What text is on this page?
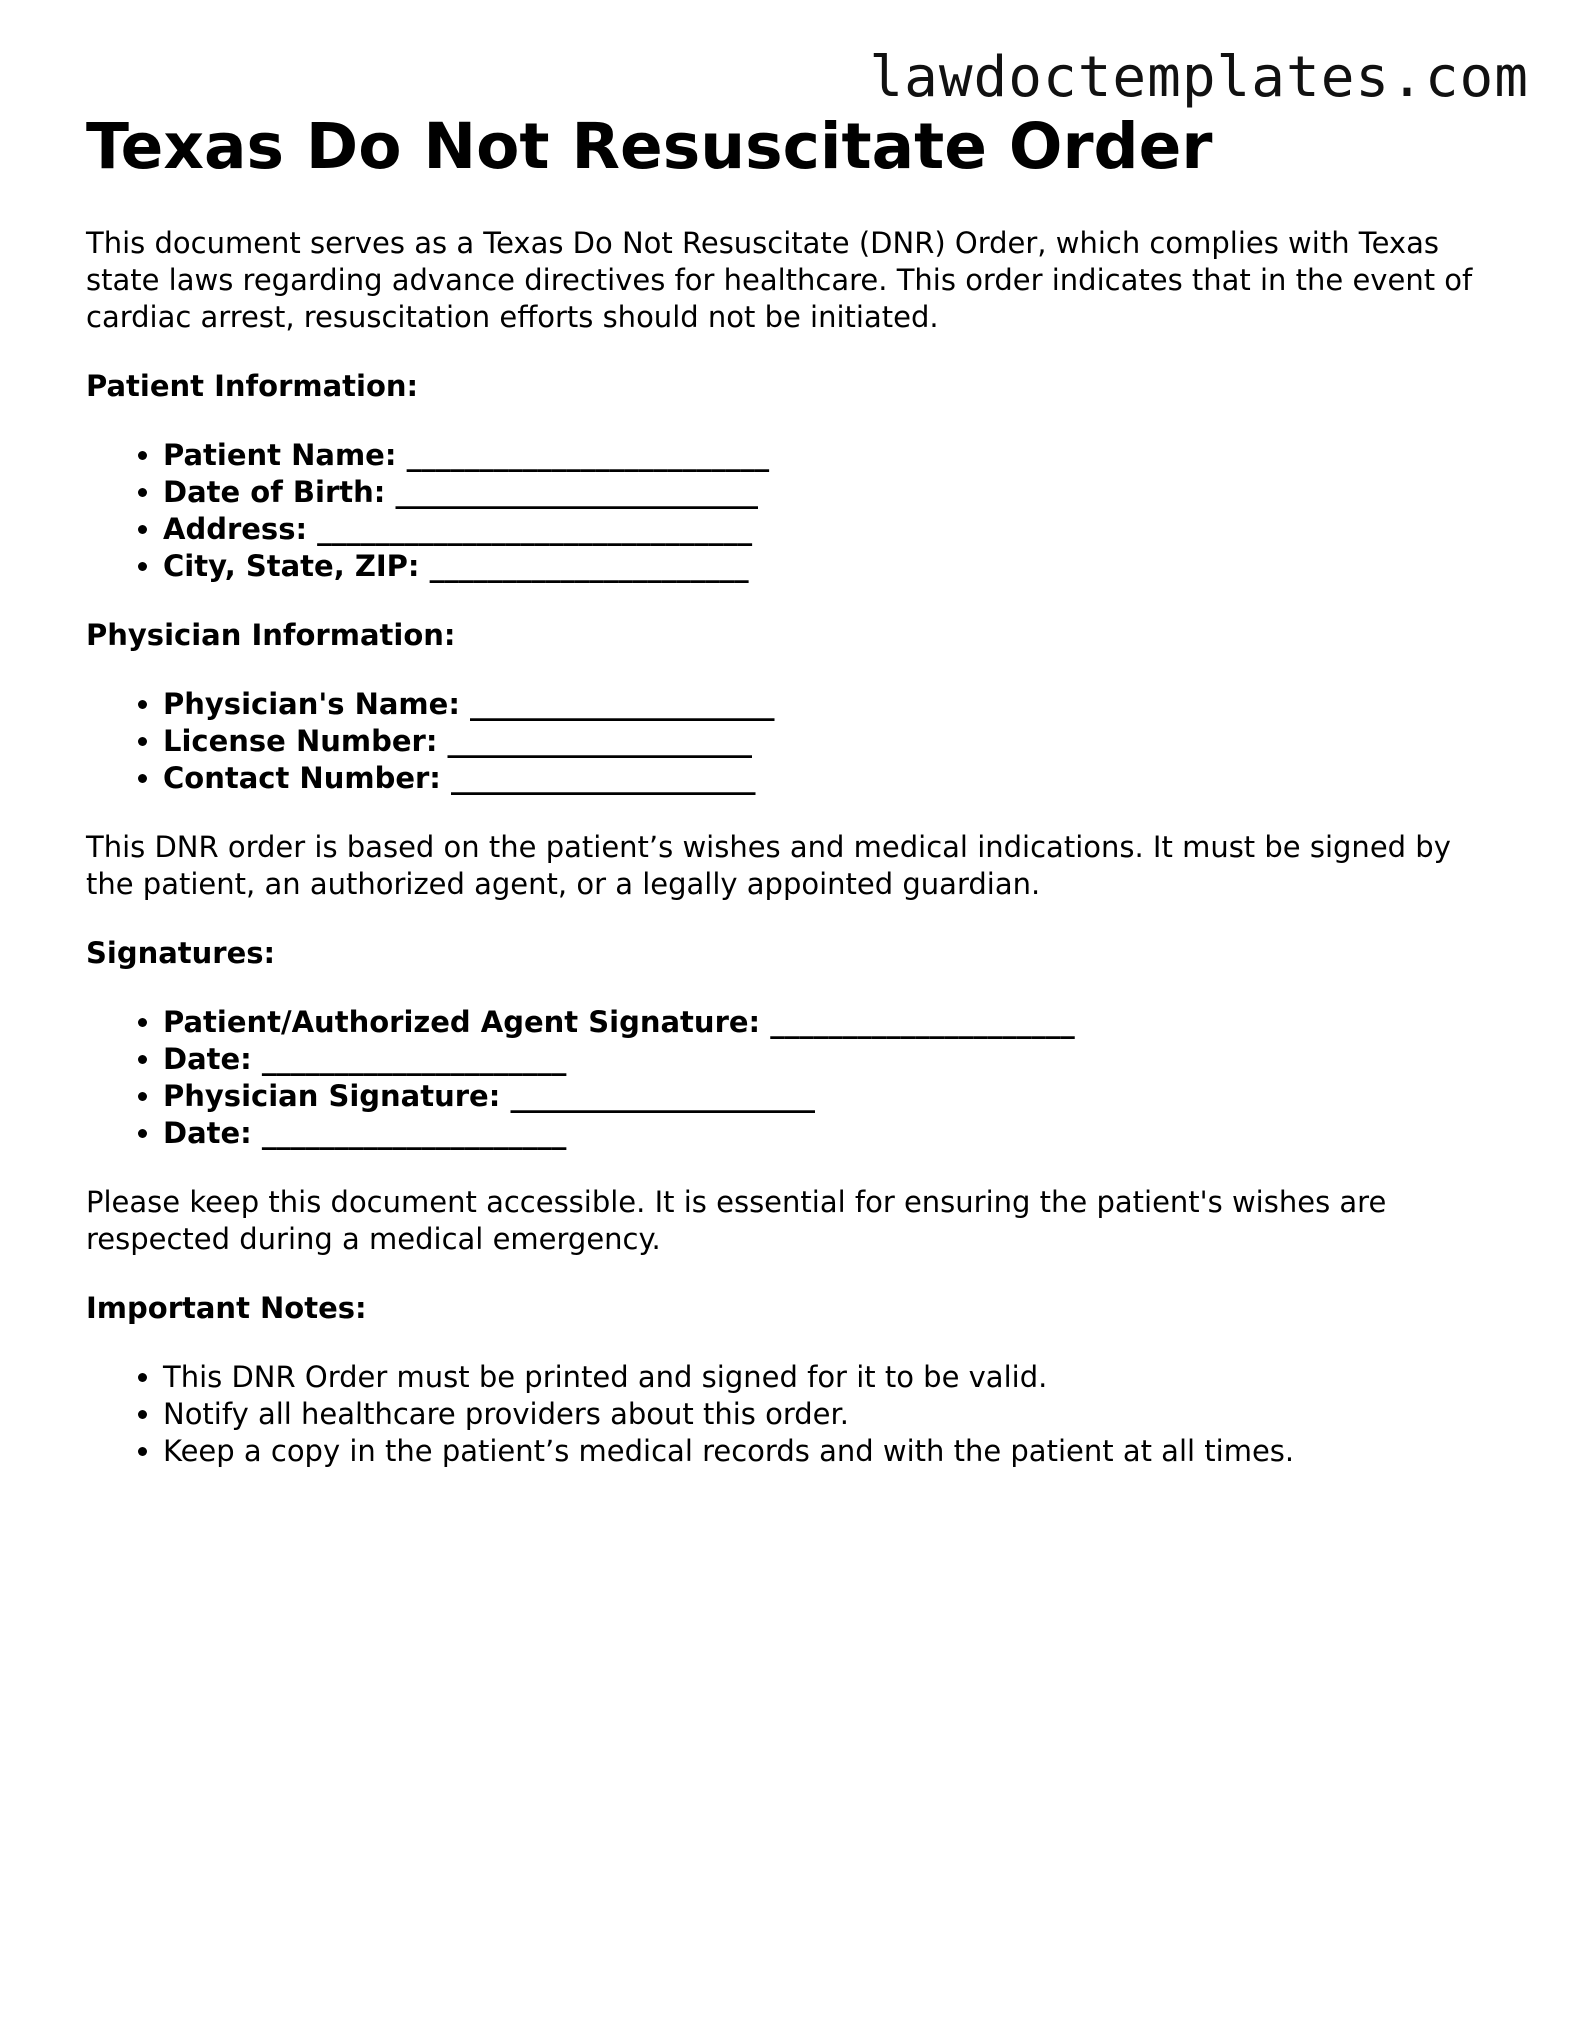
lawdoctemplates.com
Texas Do Not Resuscitate Order

This document serves as a Texas Do Not Resuscitate (DNR) Order, which complies with Texas state laws regarding advance directives for healthcare. This order indicates that in the event of cardiac arrest, resuscitation efforts should not be initiated.

Patient Information:
• Patient Name: _________________________
• Date of Birth: _________________________
• Address: ______________________________
• City, State, ZIP: ______________________
Physician Information:
• Physician's Name: _____________________
• License Number: _____________________
• Contact Number: _____________________

This DNR order is based on the patient’s wishes and medical indications. It must be signed by the patient, an authorized agent, or a legally appointed guardian.

Signatures:
• Patient/Authorized Agent Signature: _____________________
• Date: _____________________
• Physician Signature: _____________________
• Date: _____________________

Please keep this document accessible. It is essential for ensuring the patient's wishes are respected during a medical emergency.

Important Notes:
• This DNR Order must be printed and signed for it to be valid.
• Notify all healthcare providers about this order.
• Keep a copy in the patient’s medical records and with the patient at all times.
